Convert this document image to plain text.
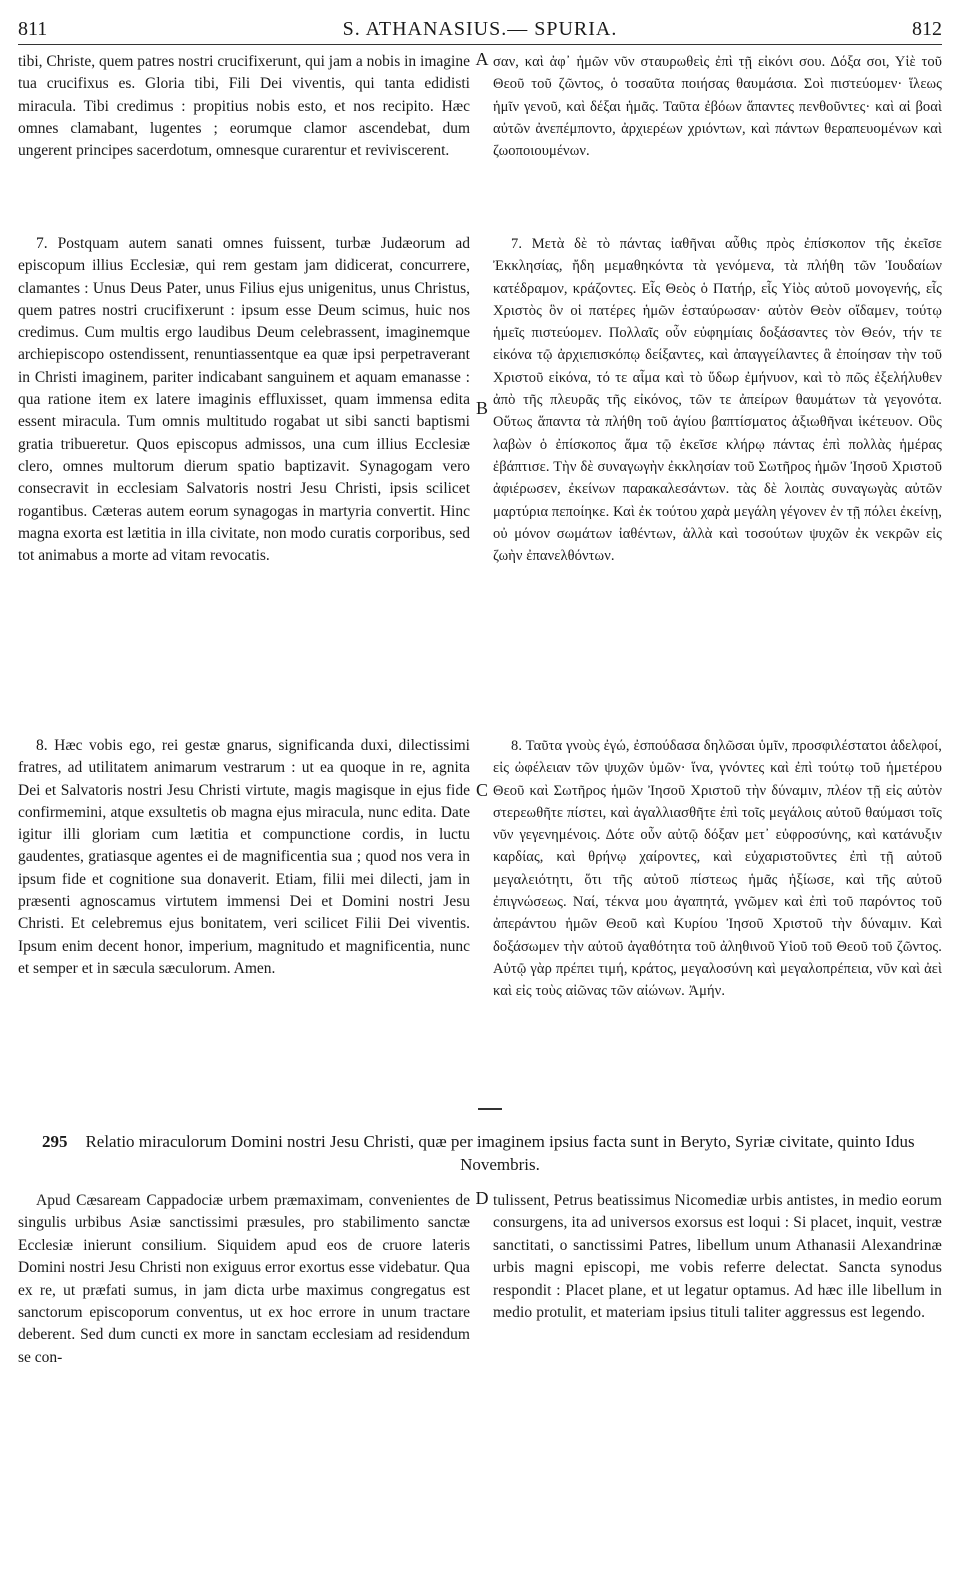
811	S. ATHANASIUS.— SPURIA.	812

tibi, Christe, quem patres nostri crucifixerunt, qui jam a nobis in imagine tua crucifixus es. Gloria tibi, Fili Dei viventis, qui tanta edidisti miracula. Tibi credimus : propitius nobis esto, et nos recipito. Hæc omnes clamabant, lugentes ; eorumque clamor ascendebat, dum ungerent principes sacerdotum, omnesque curarentur et reviviscerent.

7. Postquam autem sanati omnes fuissent, turbæ Judæorum ad episcopum illius Ecclesiæ, qui rem gestam jam didicerat, concurrere, clamantes : Unus Deus Pater, unus Filius ejus unigenitus, unus Christus, quem patres nostri crucifixerunt : ipsum esse Deum scimus, huic nos credimus. Cum multis ergo laudibus Deum celebrassent, imaginemque archiepiscopo ostendissent, renuntiassentque ea quæ ipsi perpetraverant in Christi imaginem, pariter indicabant sanguinem et aquam emanasse : qua ratione item ex latere imaginis effluxisset, quam immensa edita essent miracula. Tum omnis multitudo rogabat ut sibi sancti baptismi gratia tribueretur. Quos episcopus admissos, una cum illius Ecclesiæ clero, omnes multorum dierum spatio baptizavit. Synagogam vero consecravit in ecclesiam Salvatoris nostri Jesu Christi, ipsis scilicet rogantibus. Cæteras autem eorum synagogas in martyria convertit. Hinc magna exorta est lætitia in illa civitate, non modo curatis corporibus, sed tot animabus a morte ad vitam revocatis.

8. Hæc vobis ego, rei gestæ gnarus, significanda duxi, dilectissimi fratres, ad utilitatem animarum vestrarum : ut ea quoque in re, agnita Dei et Salvatoris nostri Jesu Christi virtute, magis magisque in ejus fide confirmemini, atque exsultetis ob magna ejus miracula, nunc edita. Date igitur illi gloriam cum lætitia et compunctione cordis, in luctu gaudentes, gratiasque agentes ei de magnificentia sua ; quod nos vera in ipsum fide et cognitione sua donaverit. Etiam, filii mei dilecti, jam in præsenti agnoscamus virtutem immensi Dei et Domini nostri Jesu Christi. Et celebremus ejus bonitatem, veri scilicet Filii Dei viventis. Ipsum enim decent honor, imperium, magnitudo et magnificentia, nunc et semper et in sæcula sæculorum. Amen.

σαν, καὶ ἀφ᾽ ἡμῶν νῦν σταυρωθεὶς ἐπὶ τῇ εἰκόνι σου. Δόξα σοι, Υἱὲ τοῦ Θεοῦ τοῦ ζῶντος, ὁ τοσαῦτα ποιήσας θαυμάσια. Σοὶ πιστεύομεν· ἵλεως ἡμῖν γενοῦ, καὶ δέξαι ἡμᾶς. Ταῦτα ἐβόων ἅπαντες πενθοῦντες· καὶ αἱ βοαὶ αὐτῶν ἀνεπέμποντο, ἀρχιερέων χριόντων, καὶ πάντων θεραπευομένων καὶ ζωοποιουμένων.

7. Μετὰ δὲ τὸ πάντας ἰαθῆναι αὖθις πρὸς ἐπίσκοπον τῆς ἐκεῖσε Ἐκκλησίας, ἤδη μεμαθηκόντα τὰ γενόμενα, τὰ πλήθη τῶν Ἰουδαίων κατέδραμον, κράζοντες. Εἷς Θεὸς ὁ Πατήρ, εἷς Υἱὸς αὐτοῦ μονογενής, εἷς Χριστὸς ὃν οἱ πατέρες ἡμῶν ἐσταύρωσαν· αὐτὸν Θεὸν οἴδαμεν, τούτῳ ἡμεῖς πιστεύομεν. Πολλαῖς οὖν εὐφημίαις δοξάσαντες τὸν Θεόν, τήν τε εἰκόνα τῷ ἀρχιεπισκόπῳ δείξαντες, καὶ ἀπαγγείλαντες ἃ ἐποίησαν τὴν τοῦ Χριστοῦ εἰκόνα, τό τε αἷμα καὶ τὸ ὕδωρ ἐμήνυον, καὶ τὸ πῶς ἐξελήλυθεν ἀπὸ τῆς πλευρᾶς τῆς εἰκόνος, τῶν τε ἀπείρων θαυμάτων τὰ γεγονότα. Οὕτως ἅπαντα τὰ πλήθη τοῦ ἁγίου βαπτίσματος ἀξιωθῆναι ἱκέτευον. Οὓς λαβὼν ὁ ἐπίσκοπος ἅμα τῷ ἐκεῖσε κλήρῳ πάντας ἐπὶ πολλὰς ἡμέρας ἐβάπτισε. Τὴν δὲ συναγωγὴν ἐκκλησίαν τοῦ Σωτῆρος ἡμῶν Ἰησοῦ Χριστοῦ ἀφιέρωσεν, ἐκείνων παρακαλεσάντων. τὰς δὲ λοιπὰς συναγωγὰς αὐτῶν μαρτύρια πεποίηκε. Καὶ ἐκ τούτου χαρὰ μεγάλη γέγονεν ἐν τῇ πόλει ἐκείνῃ, οὐ μόνον σωμάτων ἰαθέντων, ἀλλὰ καὶ τοσούτων ψυχῶν ἐκ νεκρῶν εἰς ζωὴν ἐπανελθόντων.

8. Ταῦτα γνοὺς ἐγώ, ἐσπούδασα δηλῶσαι ὑμῖν, προσφιλέστατοι ἀδελφοί, εἰς ὠφέλειαν τῶν ψυχῶν ὑμῶν· ἵνα, γνόντες καὶ ἐπὶ τούτῳ τοῦ ἡμετέρου Θεοῦ καὶ Σωτῆρος ἡμῶν Ἰησοῦ Χριστοῦ τὴν δύναμιν, πλέον τῇ εἰς αὐτὸν στερεωθῆτε πίστει, καὶ ἀγαλλιασθῆτε ἐπὶ τοῖς μεγάλοις αὐτοῦ θαύμασι τοῖς νῦν γεγενημένοις. Δότε οὖν αὐτῷ δόξαν μετ᾽ εὐφροσύνης, καὶ κατάνυξιν καρδίας, καὶ θρήνῳ χαίροντες, καὶ εὐχαριστοῦντες ἐπὶ τῇ αὐτοῦ μεγαλειότητι, ὅτι τῆς αὐτοῦ πίστεως ἡμᾶς ἠξίωσε, καὶ τῆς αὐτοῦ ἐπιγνώσεως. Ναί, τέκνα μου ἀγαπητά, γνῶμεν καὶ ἐπὶ τοῦ παρόντος τοῦ ἀπεράντου ἡμῶν Θεοῦ καὶ Κυρίου Ἰησοῦ Χριστοῦ τὴν δύναμιν. Καὶ δοξάσωμεν τὴν αὐτοῦ ἀγαθότητα τοῦ ἀληθινοῦ Υἱοῦ τοῦ Θεοῦ τοῦ ζῶντος. Αὐτῷ γὰρ πρέπει τιμή, κράτος, μεγαλοσύνη καὶ μεγαλοπρέπεια, νῦν καὶ ἀεὶ καὶ εἰς τοὺς αἰῶνας τῶν αἰώνων. Ἀμήν.

A
B
C
295 Relatio miraculorum Domini nostri Jesu Christi, quæ per imaginem ipsius facta sunt in Beryto, Syriæ civitate, quinto Idus Novembris.

Apud Cæsaream Cappadociæ urbem præmaximam, convenientes de singulis urbibus Asiæ sanctissimi præsules, pro stabilimento sanctæ Ecclesiæ inierunt consilium. Siquidem apud eos de cruore lateris Domini nostri Jesu Christi non exiguus error exortus esse videbatur. Qua ex re, ut præfati sumus, in jam dicta urbe maximus congregatus est sanctorum episcoporum conventus, ut ex hoc errore in unum tractare deberent. Sed dum cuncti ex more in sanctam ecclesiam ad residendum se con-

D tulissent, Petrus beatissimus Nicomediæ urbis antistes, in medio eorum consurgens, ita ad universos exorsus est loqui : Si placet, inquit, vestræ sanctitati, o sanctissimi Patres, libellum unum Athanasii Alexandrinæ urbis magni episcopi, me vobis referre delectat. Sancta synodus respondit : Placet plane, et ut legatur optamus. Ad hæc ille libellum in medio protulit, et materiam ipsius tituli taliter aggressus est legendo.
